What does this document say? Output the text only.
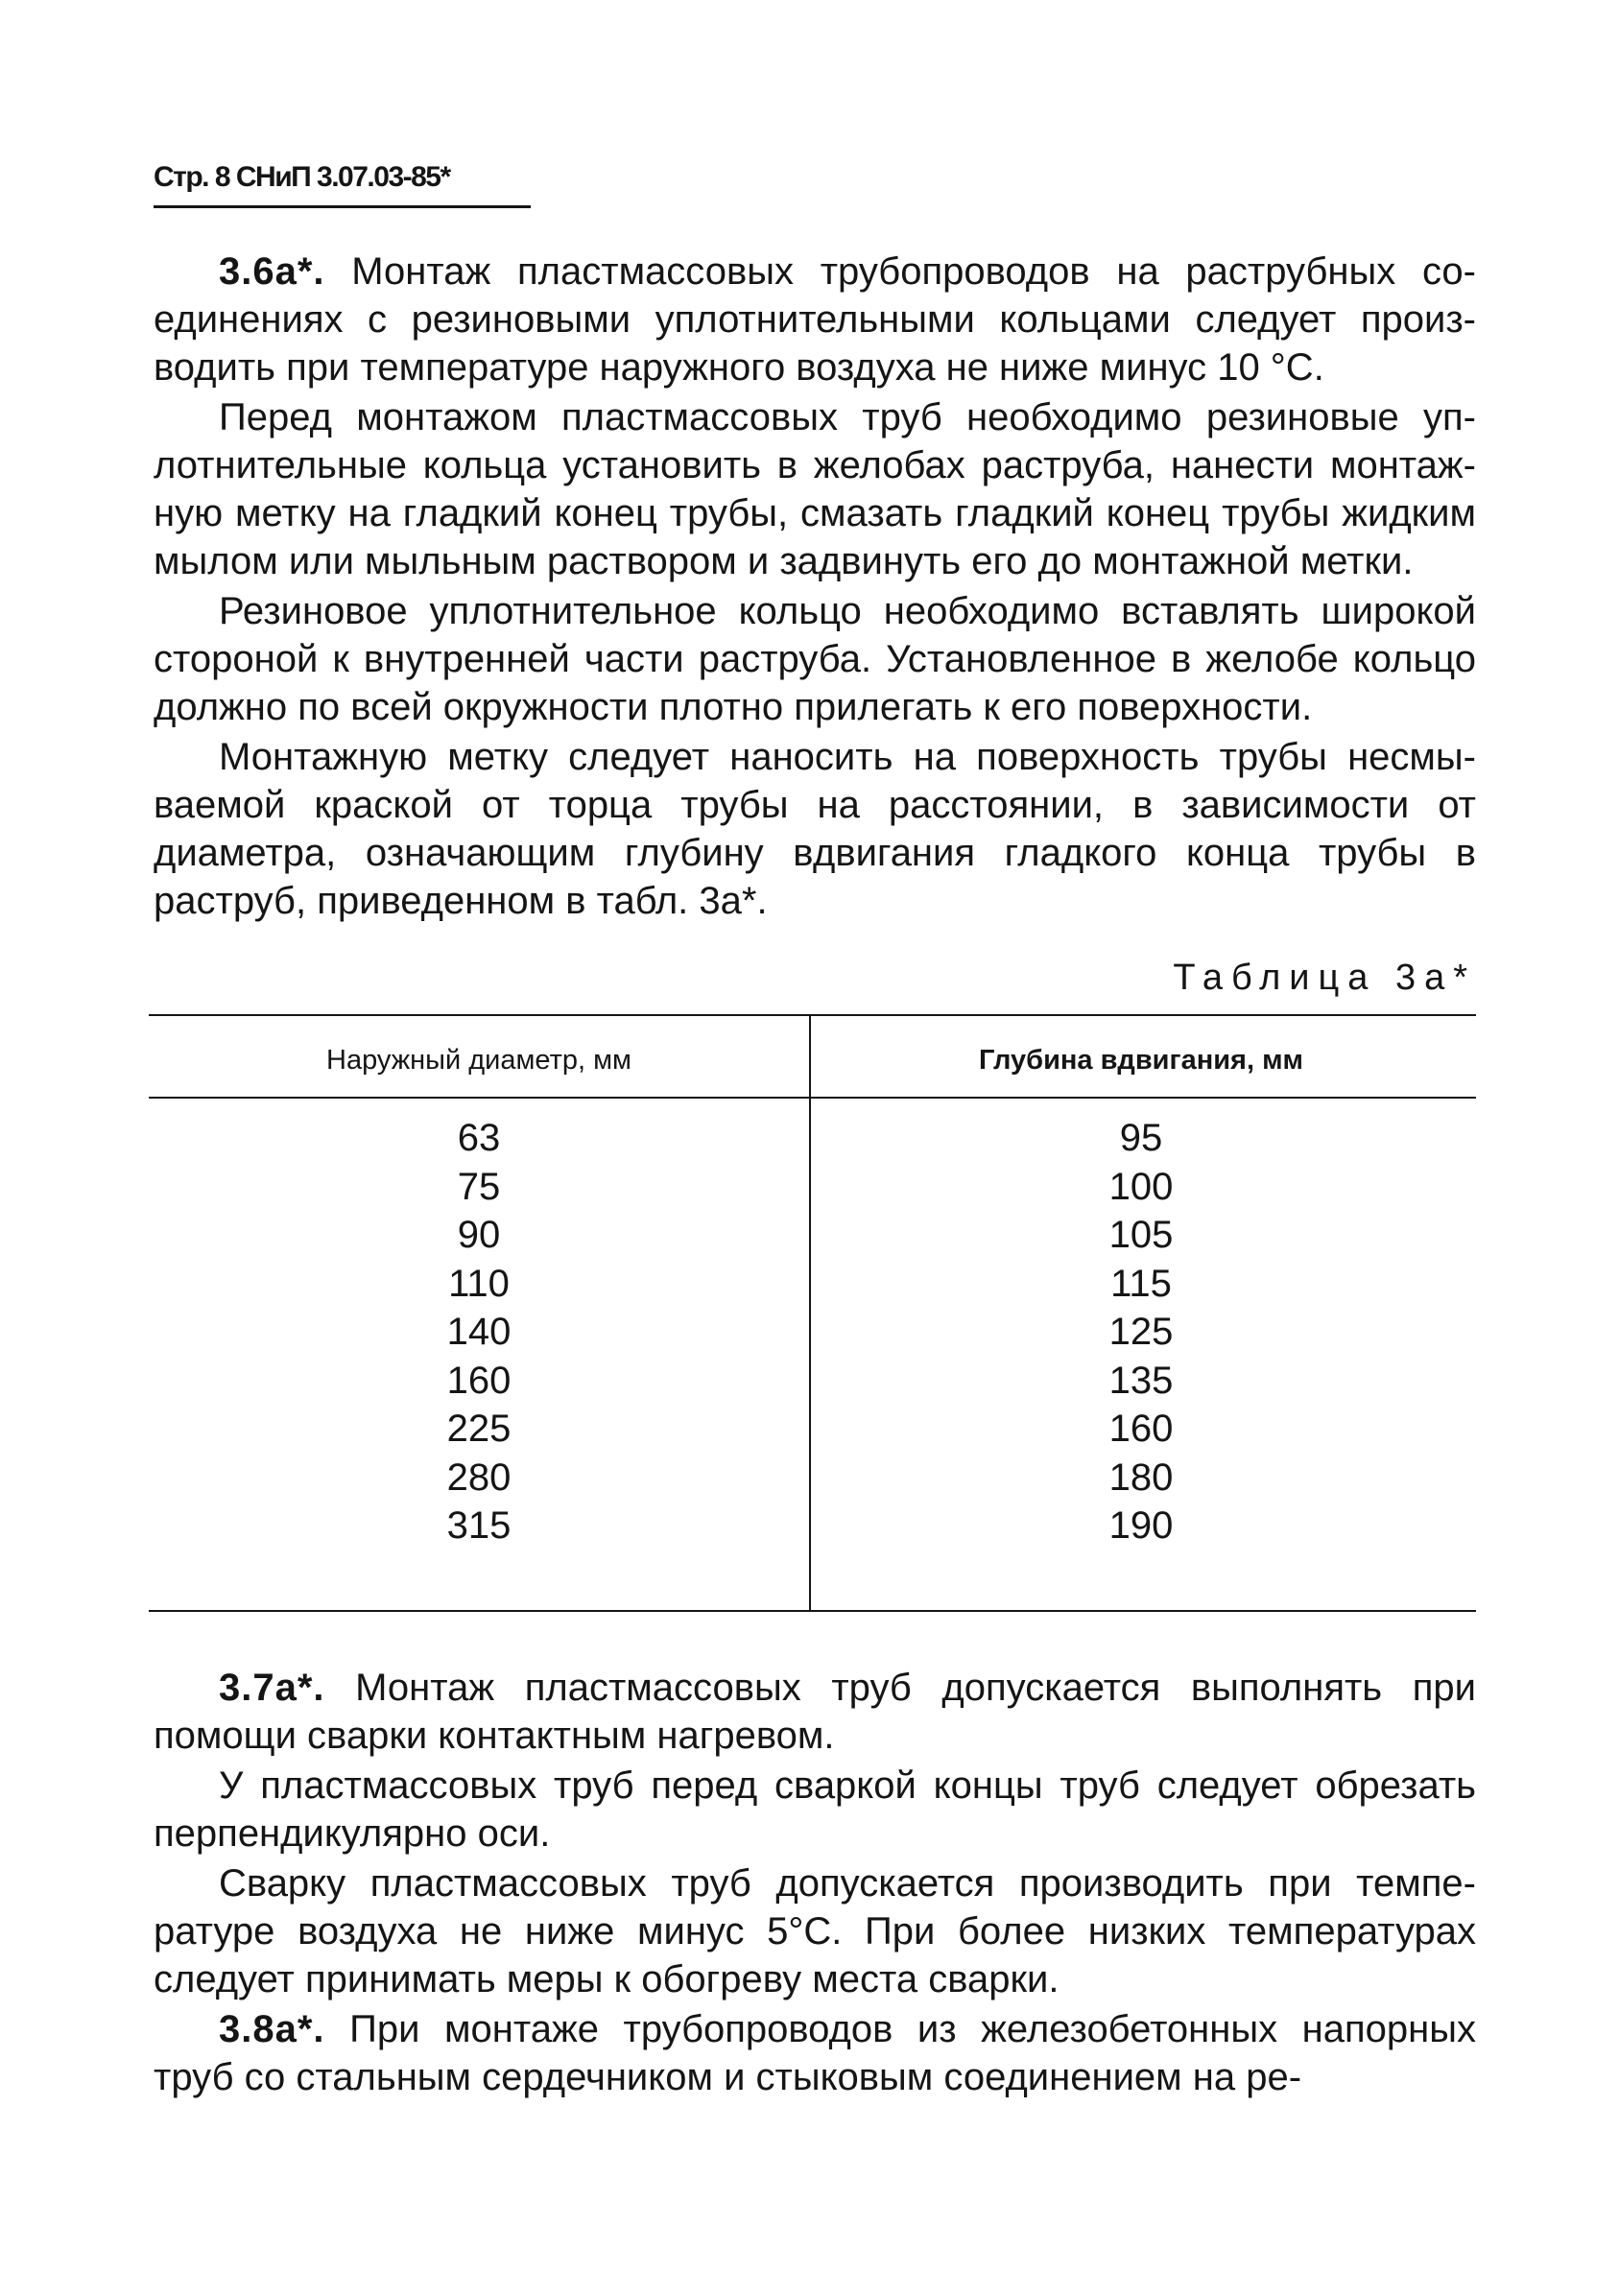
Стр. 8 СНиП 3.07.03-85*

3.6а*. Монтаж пластмассовых трубопроводов на раструбных соединениях с резиновыми уплотнительными кольцами следует производить при температуре наружного воздуха не ниже минус 10 °С.

Перед монтажом пластмассовых труб необходимо резиновые уплотнительные кольца установить в желобах раструба, нанести монтажную метку на гладкий конец трубы, смазать гладкий конец трубы жидким мылом или мыльным раствором и задвинуть его до монтажной метки.

Резиновое уплотнительное кольцо необходимо вставлять широкой стороной к внутренней части раструба. Установленное в желобе кольцо должно по всей окружности плотно прилегать к его поверхности.

Монтажную метку следует наносить на поверхность трубы несмываемой краской от торца трубы на расстоянии, в зависимости от диаметра, означающим глубину вдвигания гладкого конца трубы в раструб, приведенном в табл. 3а*.

Таблица 3а*
Наружный диаметр, мм	Глубина вдвигания, мм
63
75
90
110
140
160
225
280
315
95
100
105
115
125
135
160
180
190

3.7а*. Монтаж пластмассовых труб допускается выполнять при помощи сварки контактным нагревом.

У пластмассовых труб перед сваркой концы труб следует обрезать перпендикулярно оси.

Сварку пластмассовых труб допускается производить при температуре воздуха не ниже минус 5°С. При более низких температурах следует принимать меры к обогреву места сварки.

3.8а*. При монтаже трубопроводов из железобетонных напорных труб со стальным сердечником и стыковым соединением на ре-
